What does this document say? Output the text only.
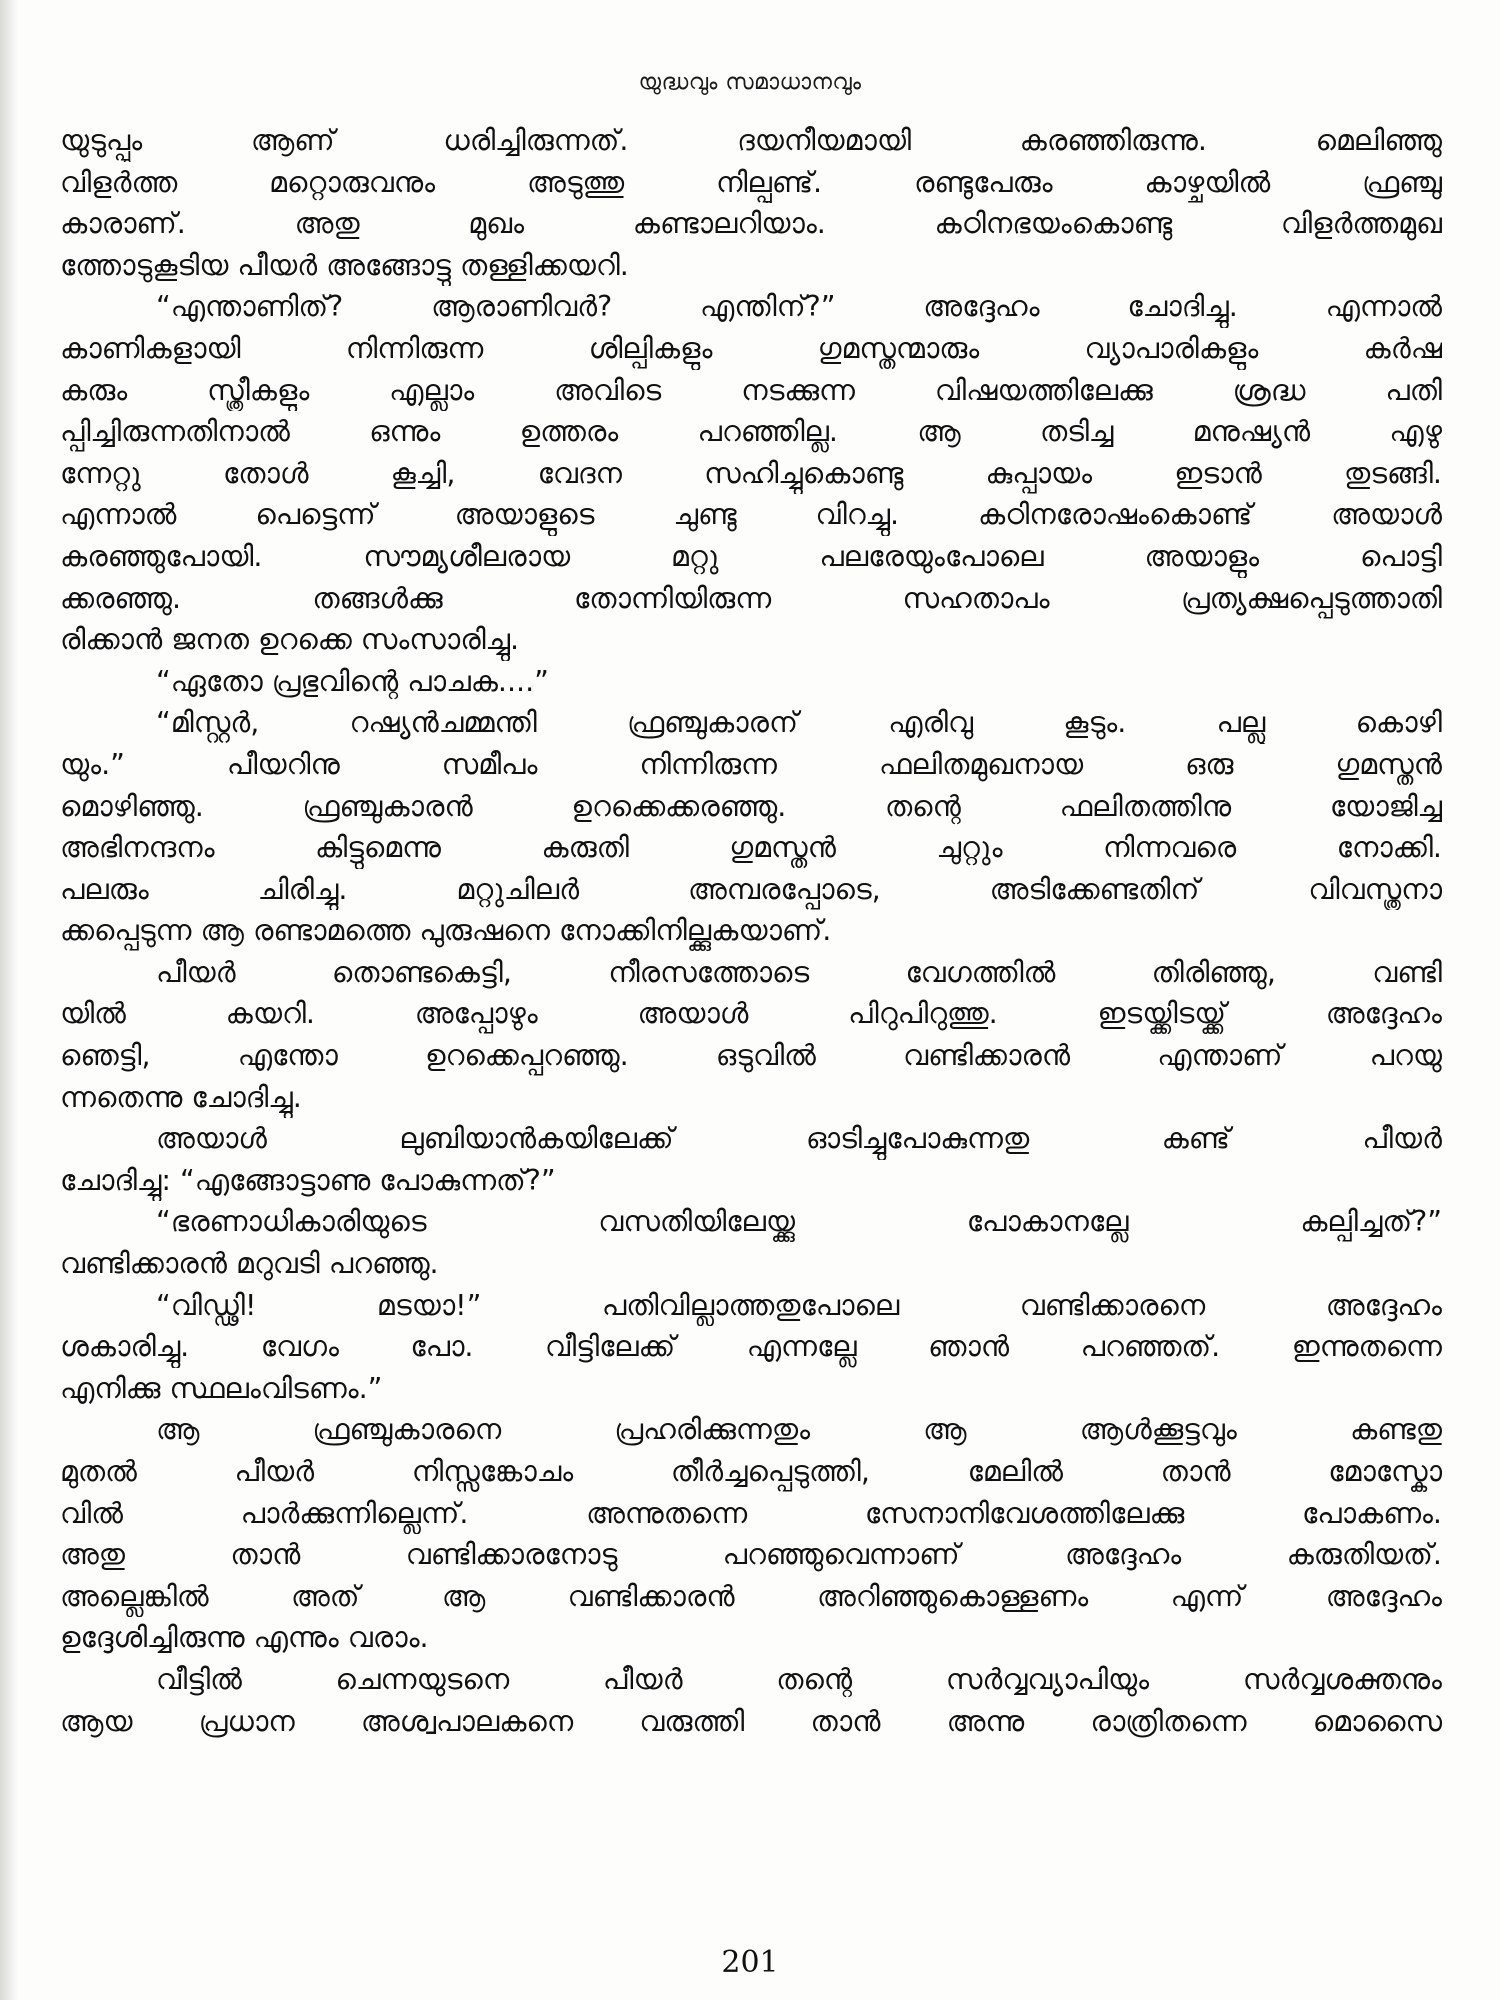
യുദ്ധവും സമാധാനവും
യുടുപ്പും ആണ് ധരിച്ചിരുന്നത്. ദയനീയമായി കരഞ്ഞിരുന്നു. മെലിഞ്ഞു
വിളർത്ത മറ്റൊരുവനും അടുത്തു നില്പുണ്ട്. രണ്ടുപേരും കാഴ്ചയിൽ ഫ്രഞ്ചു
കാരാണ്. അതു മുഖം കണ്ടാലറിയാം. കഠിനഭയംകൊണ്ടു വിളർത്തമുഖ
ത്തോടുകൂടിയ പീയർ അങ്ങോട്ടു തള്ളിക്കയറി.
“എന്താണിത്? ആരാണിവർ? എന്തിന്?” അദ്ദേഹം ചോദിച്ചു. എന്നാൽ
കാണികളായി നിന്നിരുന്ന ശില്പികളും ഗുമസ്തന്മാരും വ്യാപാരികളും കർഷ
കരും സ്ത്രീകളും എല്ലാം അവിടെ നടക്കുന്ന വിഷയത്തിലേക്കു ശ്രദ്ധ പതി
പ്പിച്ചിരുന്നതിനാൽ ഒന്നും ഉത്തരം പറഞ്ഞില്ല. ആ തടിച്ച മനുഷ്യൻ എഴു
ന്നേറ്റു തോൾ കൂച്ചി, വേദന സഹിച്ചുകൊണ്ടു കുപ്പായം ഇടാൻ തുടങ്ങി.
എന്നാൽ പെട്ടെന്ന് അയാളുടെ ചുണ്ടു വിറച്ചു. കഠിനരോഷംകൊണ്ട് അയാൾ
കരഞ്ഞുപോയി. സൗമ്യശീലരായ മറ്റു പലരേയുംപോലെ അയാളും പൊട്ടി
ക്കരഞ്ഞു. തങ്ങൾക്കു തോന്നിയിരുന്ന സഹതാപം പ്രത്യക്ഷപ്പെടുത്താതി
രിക്കാൻ ജനത ഉറക്കെ സംസാരിച്ചു.
“ഏതോ പ്രഭുവിന്റെ പാചക....”
“മിസ്റ്റർ, റഷ്യൻചമ്മന്തി ഫ്രഞ്ചുകാരന് എരിവു കൂടും. പല്ലു കൊഴി
യും.” പീയറിനു സമീപം നിന്നിരുന്ന ഫലിതമുഖനായ ഒരു ഗുമസ്തൻ
മൊഴിഞ്ഞു. ഫ്രഞ്ചുകാരൻ ഉറക്കെക്കരഞ്ഞു. തന്റെ ഫലിതത്തിനു യോജിച്ച
അഭിനന്ദനം കിട്ടുമെന്നു കരുതി ഗുമസ്തൻ ചുറ്റും നിന്നവരെ നോക്കി.
പലരും ചിരിച്ചു. മറ്റുചിലർ അമ്പരപ്പോടെ, അടിക്കേണ്ടതിന് വിവസ്ത്രനാ
ക്കപ്പെടുന്ന ആ രണ്ടാമത്തെ പുരുഷനെ നോക്കിനില്ക്കുകയാണ്.
പീയർ തൊണ്ടകെട്ടി, നീരസത്തോടെ വേഗത്തിൽ തിരിഞ്ഞു, വണ്ടി
യിൽ കയറി. അപ്പോഴും അയാൾ പിറുപിറുത്തു. ഇടയ്ക്കിടയ്ക്ക് അദ്ദേഹം
ഞെട്ടി, എന്തോ ഉറക്കെപ്പറഞ്ഞു. ഒടുവിൽ വണ്ടിക്കാരൻ എന്താണ് പറയു
ന്നതെന്നു ചോദിച്ചു.
അയാൾ ലുബിയാൻകയിലേക്ക് ഓടിച്ചുപോകുന്നതു കണ്ട് പീയർ
ചോദിച്ചു: “എങ്ങോട്ടാണു പോകുന്നത്?”
“ഭരണാധികാരിയുടെ വസതിയിലേയ്ക്കു പോകാനല്ലേ കല്പിച്ചത്?”
വണ്ടിക്കാരൻ മറുവടി പറഞ്ഞു.
“വിഡ്ഢി! മടയാ!” പതിവില്ലാത്തതുപോലെ വണ്ടിക്കാരനെ അദ്ദേഹം
ശകാരിച്ചു. വേഗം പോ. വീട്ടിലേക്ക് എന്നല്ലേ ഞാൻ പറഞ്ഞത്. ഇന്നുതന്നെ
എനിക്കു സ്ഥലംവിടണം.”
ആ ഫ്രഞ്ചുകാരനെ പ്രഹരിക്കുന്നതും ആ ആൾക്കൂട്ടവും കണ്ടതു
മുതൽ പീയർ നിസ്സങ്കോചം തീർച്ചപ്പെടുത്തി, മേലിൽ താൻ മോസ്കോ
വിൽ പാർക്കുന്നില്ലെന്ന്. അന്നുതന്നെ സേനാനിവേശത്തിലേക്കു പോകണം.
അതു താൻ വണ്ടിക്കാരനോടു പറഞ്ഞുവെന്നാണ് അദ്ദേഹം കരുതിയത്.
അല്ലെങ്കിൽ അത് ആ വണ്ടിക്കാരൻ അറിഞ്ഞുകൊള്ളണം എന്ന് അദ്ദേഹം
ഉദ്ദേശിച്ചിരുന്നു എന്നും വരാം.
വീട്ടിൽ ചെന്നയുടനെ പീയർ തന്റെ സർവ്വവ്യാപിയും സർവ്വശക്തനും
ആയ പ്രധാന അശ്വപാലകനെ വരുത്തി താൻ അന്നു രാത്രിതന്നെ മൊസൈ
201
